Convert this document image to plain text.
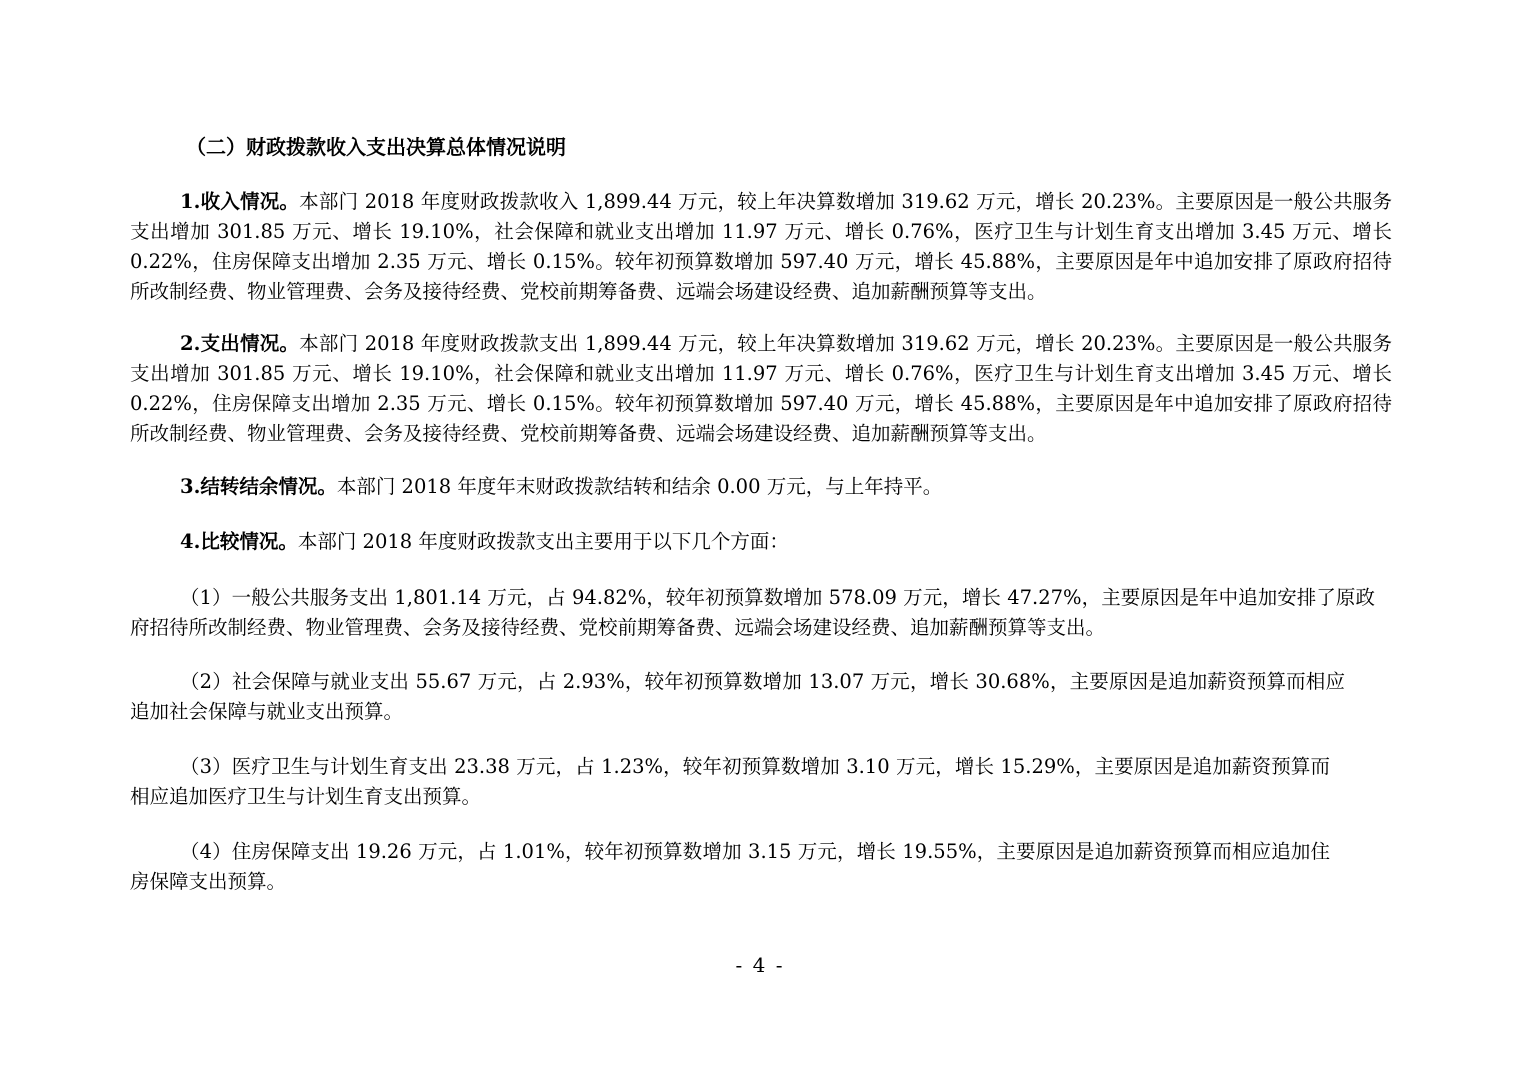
（二）财政拨款收入支出决算总体情况说明
1.收入情况。本部门 2018 年度财政拨款收入 1,899.44 万元，较上年决算数增加 319.62 万元，增长 20.23%。主要原因是一般公共服务支出增加 301.85 万元、增长 19.10%，社会保障和就业支出增加 11.97 万元、增长 0.76%，医疗卫生与计划生育支出增加 3.45 万元、增长 0.22%，住房保障支出增加 2.35 万元、增长 0.15%。较年初预算数增加 597.40 万元，增长 45.88%，主要原因是年中追加安排了原政府招待所改制经费、物业管理费、会务及接待经费、党校前期筹备费、远端会场建设经费、追加薪酬预算等支出。
2.支出情况。本部门 2018 年度财政拨款支出 1,899.44 万元，较上年决算数增加 319.62 万元，增长 20.23%。主要原因是一般公共服务支出增加 301.85 万元、增长 19.10%，社会保障和就业支出增加 11.97 万元、增长 0.76%，医疗卫生与计划生育支出增加 3.45 万元、增长 0.22%，住房保障支出增加 2.35 万元、增长 0.15%。较年初预算数增加 597.40 万元，增长 45.88%，主要原因是年中追加安排了原政府招待所改制经费、物业管理费、会务及接待经费、党校前期筹备费、远端会场建设经费、追加薪酬预算等支出。
3.结转结余情况。本部门 2018 年度年末财政拨款结转和结余 0.00 万元，与上年持平。
4.比较情况。本部门 2018 年度财政拨款支出主要用于以下几个方面：
（1）一般公共服务支出 1,801.14 万元，占 94.82%，较年初预算数增加 578.09 万元，增长 47.27%，主要原因是年中追加安排了原政府招待所改制经费、物业管理费、会务及接待经费、党校前期筹备费、远端会场建设经费、追加薪酬预算等支出。
（2）社会保障与就业支出 55.67 万元，占 2.93%，较年初预算数增加 13.07 万元，增长 30.68%，主要原因是追加薪资预算而相应追加社会保障与就业支出预算。
（3）医疗卫生与计划生育支出 23.38 万元，占 1.23%，较年初预算数增加 3.10 万元，增长 15.29%，主要原因是追加薪资预算而相应追加医疗卫生与计划生育支出预算。
（4）住房保障支出 19.26 万元，占 1.01%，较年初预算数增加 3.15 万元，增长 19.55%，主要原因是追加薪资预算而相应追加住房保障支出预算。
- 4 -
